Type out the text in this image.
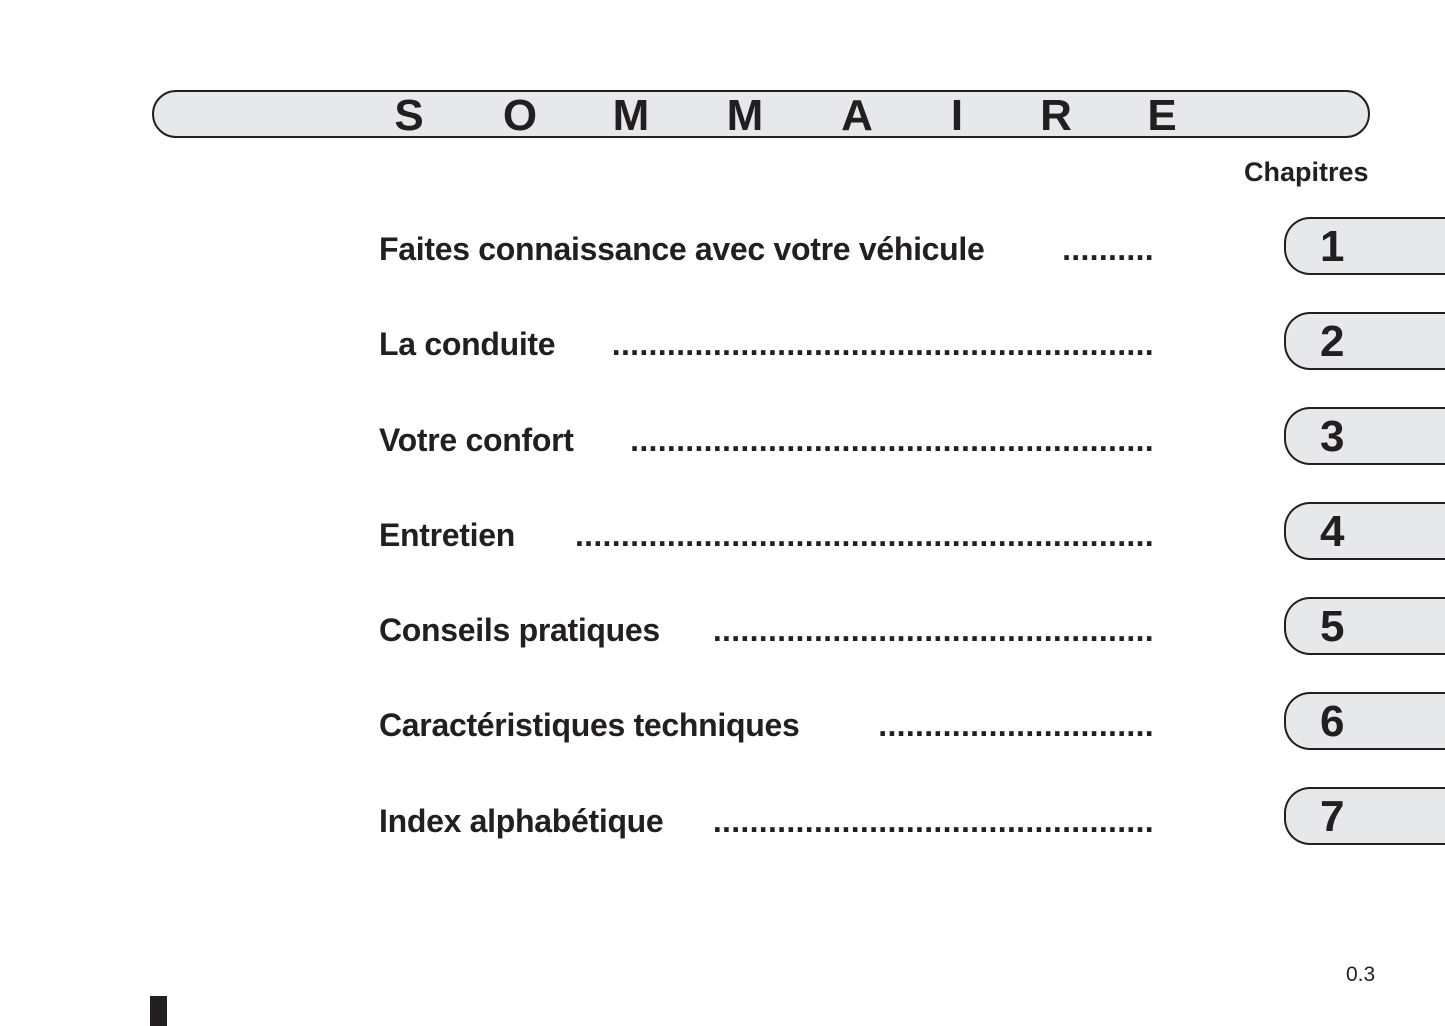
S O M M A I R E
Chapitres
Faites connaissance avec votre véhicule ..........
La conduite ...........................................................
Votre confort .........................................................
Entretien ...............................................................
Conseils pratiques ................................................
Caractéristiques techniques ..............................
Index alphabétique ................................................
1
2
3
4
5
6
7
0.3
